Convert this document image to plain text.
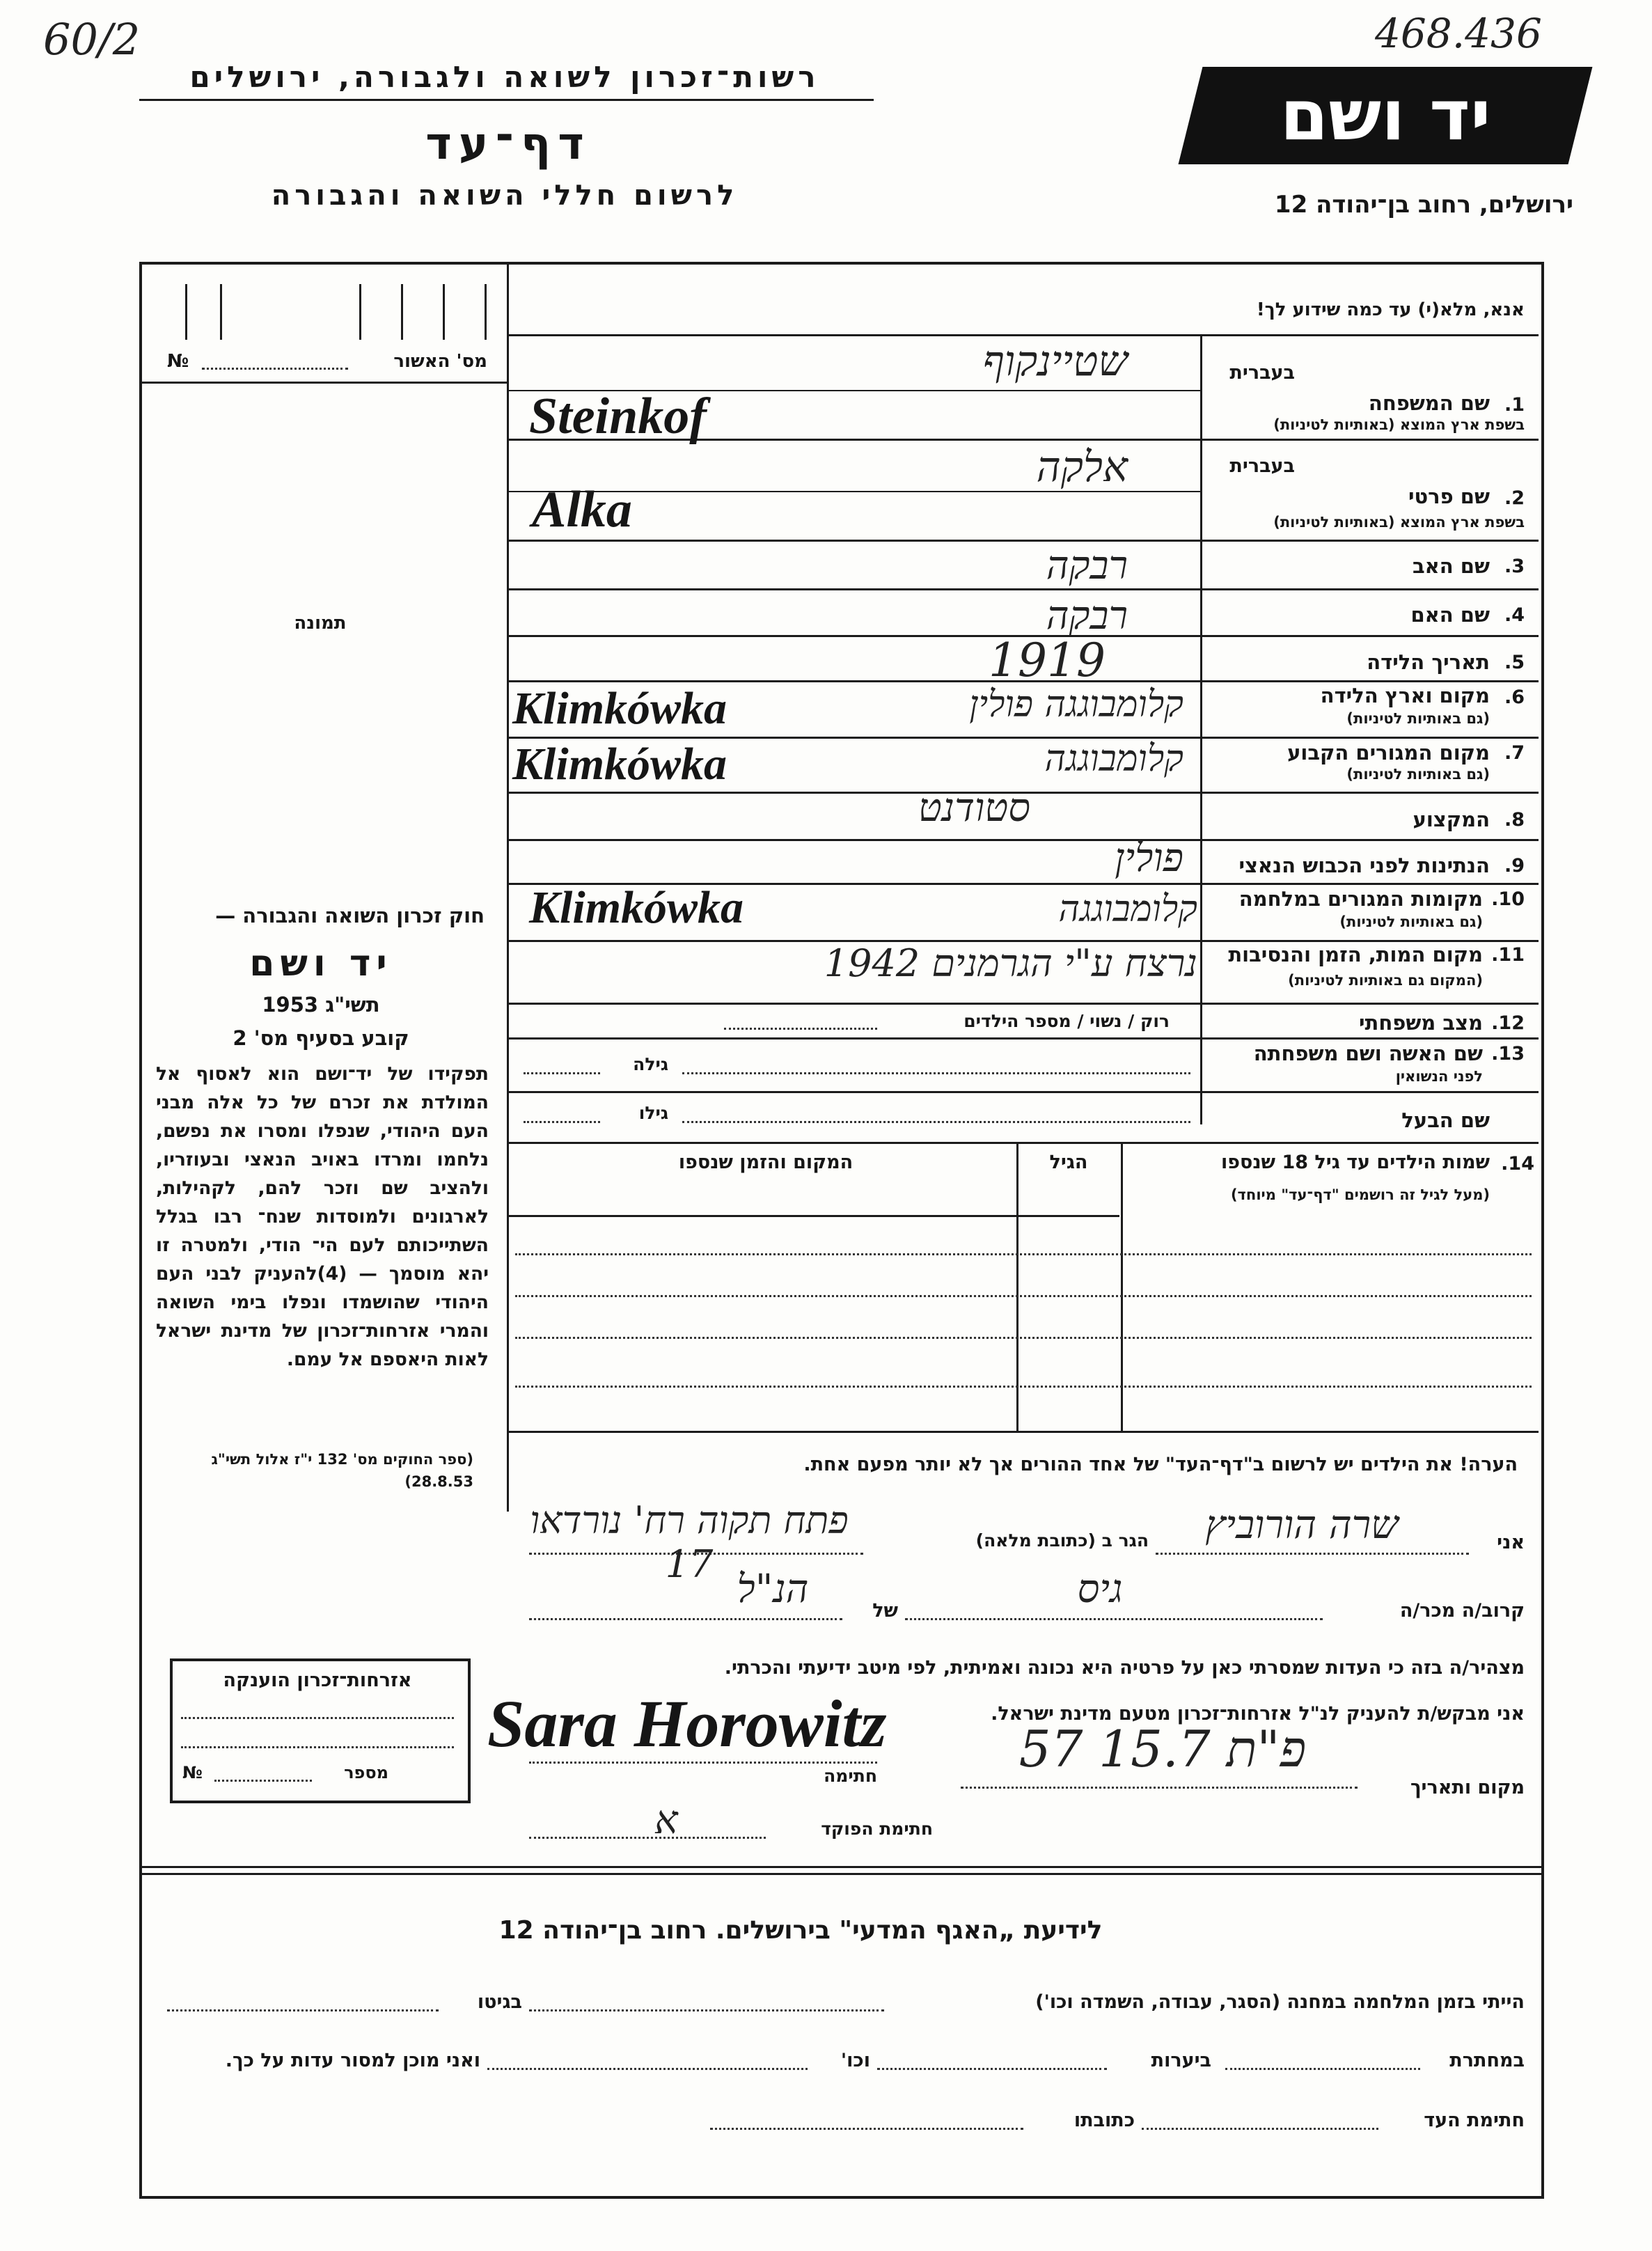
60/2	468.436
רשות־זכרון לשואה ולגבורה, ירושלים
דף־עד
לרשום חללי השואה והגבורה
יד ושם
ירושלים, רחוב בן־יהודה 12
מס' האשור
№
תמונה
חוק זכרון השואה והגבורה —
יד ושם
תשי"ג 1953
קובע בסעיף מס' 2
תפקידו של יד־ושם הוא לאסוף אל המולדת את זכרם של כל אלה מבני העם היהודי, שנפלו ומסרו את נפשם, נלחמו ומרדו באויב הנאצי ובעוזריו, ולהציב שם וזכר להם, לקהילות, לארגונים ולמוסדות שנח־ רבו בגלל השתייכותם לעם הי־ הודי, ולמטרה זו יהא מוסמך — (4)להעניק לבני העם היהודי שהושמדו ונפלו בימי השואה והמרי אזרחות־זכרון של מדינת ישראל לאות היאספם אל עמם.
(ספר החוקים מס' 132 י"ז אלול תשי"ג 28.8.53)
אנא, מלא(י) עד כמה שידוע לך!
בעברית
1.
שם המשפחה
בשפת ארץ המוצא (באותיות לטיניות)
שטיינקוף
Steinkof
בעברית
2.
שם פרטי
בשפת ארץ המוצא (באותיות לטיניות)
אלקה
Alka
שם האב 3.
רבקה
שם האם 4.
רבקה
תאריך הלידה 5.
1919
מקום וארץ הלידה 6.
(גם באותיות לטיניות)
קלומבוגגה פולין
Klimkówka
מקום המגורים הקבוע 7.
(גם באותיות לטיניות)
קלומבוגגה
Klimkówka
המקצוע 8.
סטודנט
הנתינות לפני הכבוש הנאצי 9.
פולין
מקומות המגורים במלחמה 10.
(גם באותיות לטיניות)
קלומבוגגה
Klimkówka
מקום המות, הזמן והנסיבות 11.
(המקום גם באותיות לטיניות)
נרצח ע"י הגרמנים 1942
מצב משפחתי 12.
רוק / נשוי / מספר הילדים
שם האשה ושם משפחתה 13.
לפני הנשואין
גילה
שם הבעל
גילו
שמות הילדים עד גיל 18 שנספו 14.
(מעל לגיל זה רושמים "דף־עד" מיוחד)
הגיל
המקום והזמן שנספו
הערה! את הילדים יש לרשום ב"דף־העד" של אחד ההורים אך לא יותר מפעם אחת.
אני
שרה הורוביץ
הגר ב (כתובת מלאה)
פתח תקוה רח' נורדאו 17
קרוב/ה מכר/ה
גיס
של
הנ"ל
מצהיר/ה בזה כי העדות שמסרתי כאן על פרטיה היא נכונה ואמיתית, לפי מיטב ידיעתי והכרתי.
אני מבקש/ת להעניק לנ"ל אזרחות־זכרון מטעם מדינת ישראל.
מקום ותאריך
פ"ת 15.7 57
חתימה
Sara Horowitz
חתימת הפוקד
א
אזרחות־זכרון הוענקה
מספר
№
לידיעת „האגף המדעי" בירושלים. רחוב בן־יהודה 12
הייתי בזמן המלחמה במחנה (הסגר, עבודה, השמדה וכו')
בגיטו
במחתרת
ביערות
וכו'
ואני מוכן למסור עדות על כך.
חתימת העד
כתובתו
